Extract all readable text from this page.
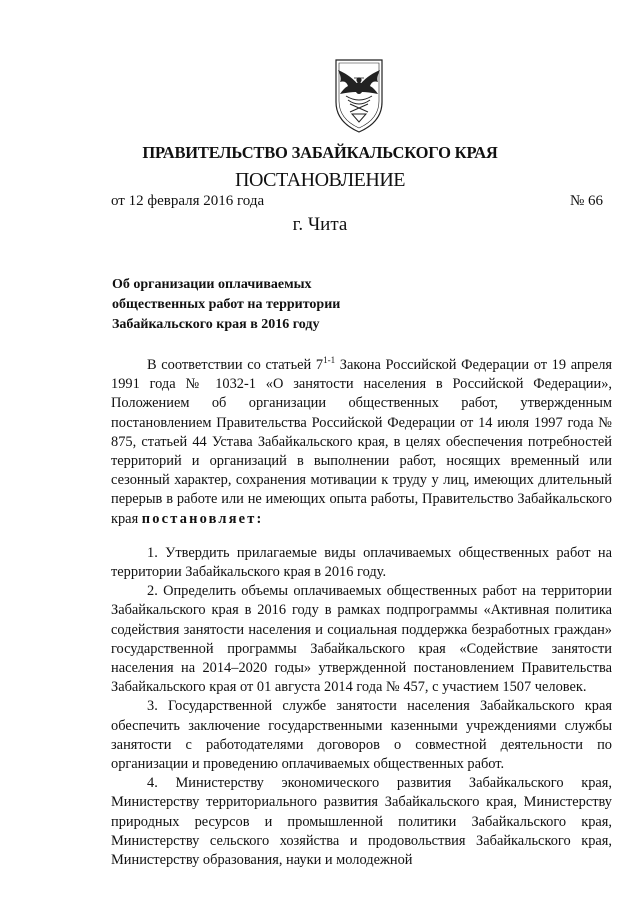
ПРАВИТЕЛЬСТВО ЗАБАЙКАЛЬСКОГО КРАЯ
ПОСТАНОВЛЕНИЕ
от 12 февраля 2016 года	№ 66
г. Чита
Об организации оплачиваемых
общественных работ на территории
Забайкальского края в 2016 году

В соответствии со статьей 7$^{1-1}$ Закона Российской Федерации от 19 апреля 1991 года № 1032-1 «О занятости населения в Российской Федерации», Положением об организации общественных работ, утвержденным постановлением Правительства Российской Федерации от 14 июля 1997 года № 875, статьей 44 Устава Забайкальского края, в целях обеспечения потребностей территорий и организаций в выполнении работ, носящих временный или сезонный характер, сохранения мотивации к труду у лиц, имеющих длительный перерыв в работе или не имеющих опыта работы, Правительство Забайкальского края постановляет:

1. Утвердить прилагаемые виды оплачиваемых общественных работ на территории Забайкальского края в 2016 году.

2. Определить объемы оплачиваемых общественных работ на территории Забайкальского края в 2016 году в рамках подпрограммы «Активная политика содействия занятости населения и социальная поддержка безработных граждан» государственной программы Забайкальского края «Содействие занятости населения на 2014–2020 годы» утвержденной постановлением Правительства Забайкальского края от 01 августа 2014 года № 457, с участием 1507 человек.

3. Государственной службе занятости населения Забайкальского края обеспечить заключение государственными казенными учреждениями службы занятости с работодателями договоров о совместной деятельности по организации и проведению оплачиваемых общественных работ.

4. Министерству экономического развития Забайкальского края, Министерству территориального развития Забайкальского края, Министерству природных ресурсов и промышленной политики Забайкальского края, Министерству сельского хозяйства и продовольствия Забайкальского края, Министерству образования, науки и молодежной
